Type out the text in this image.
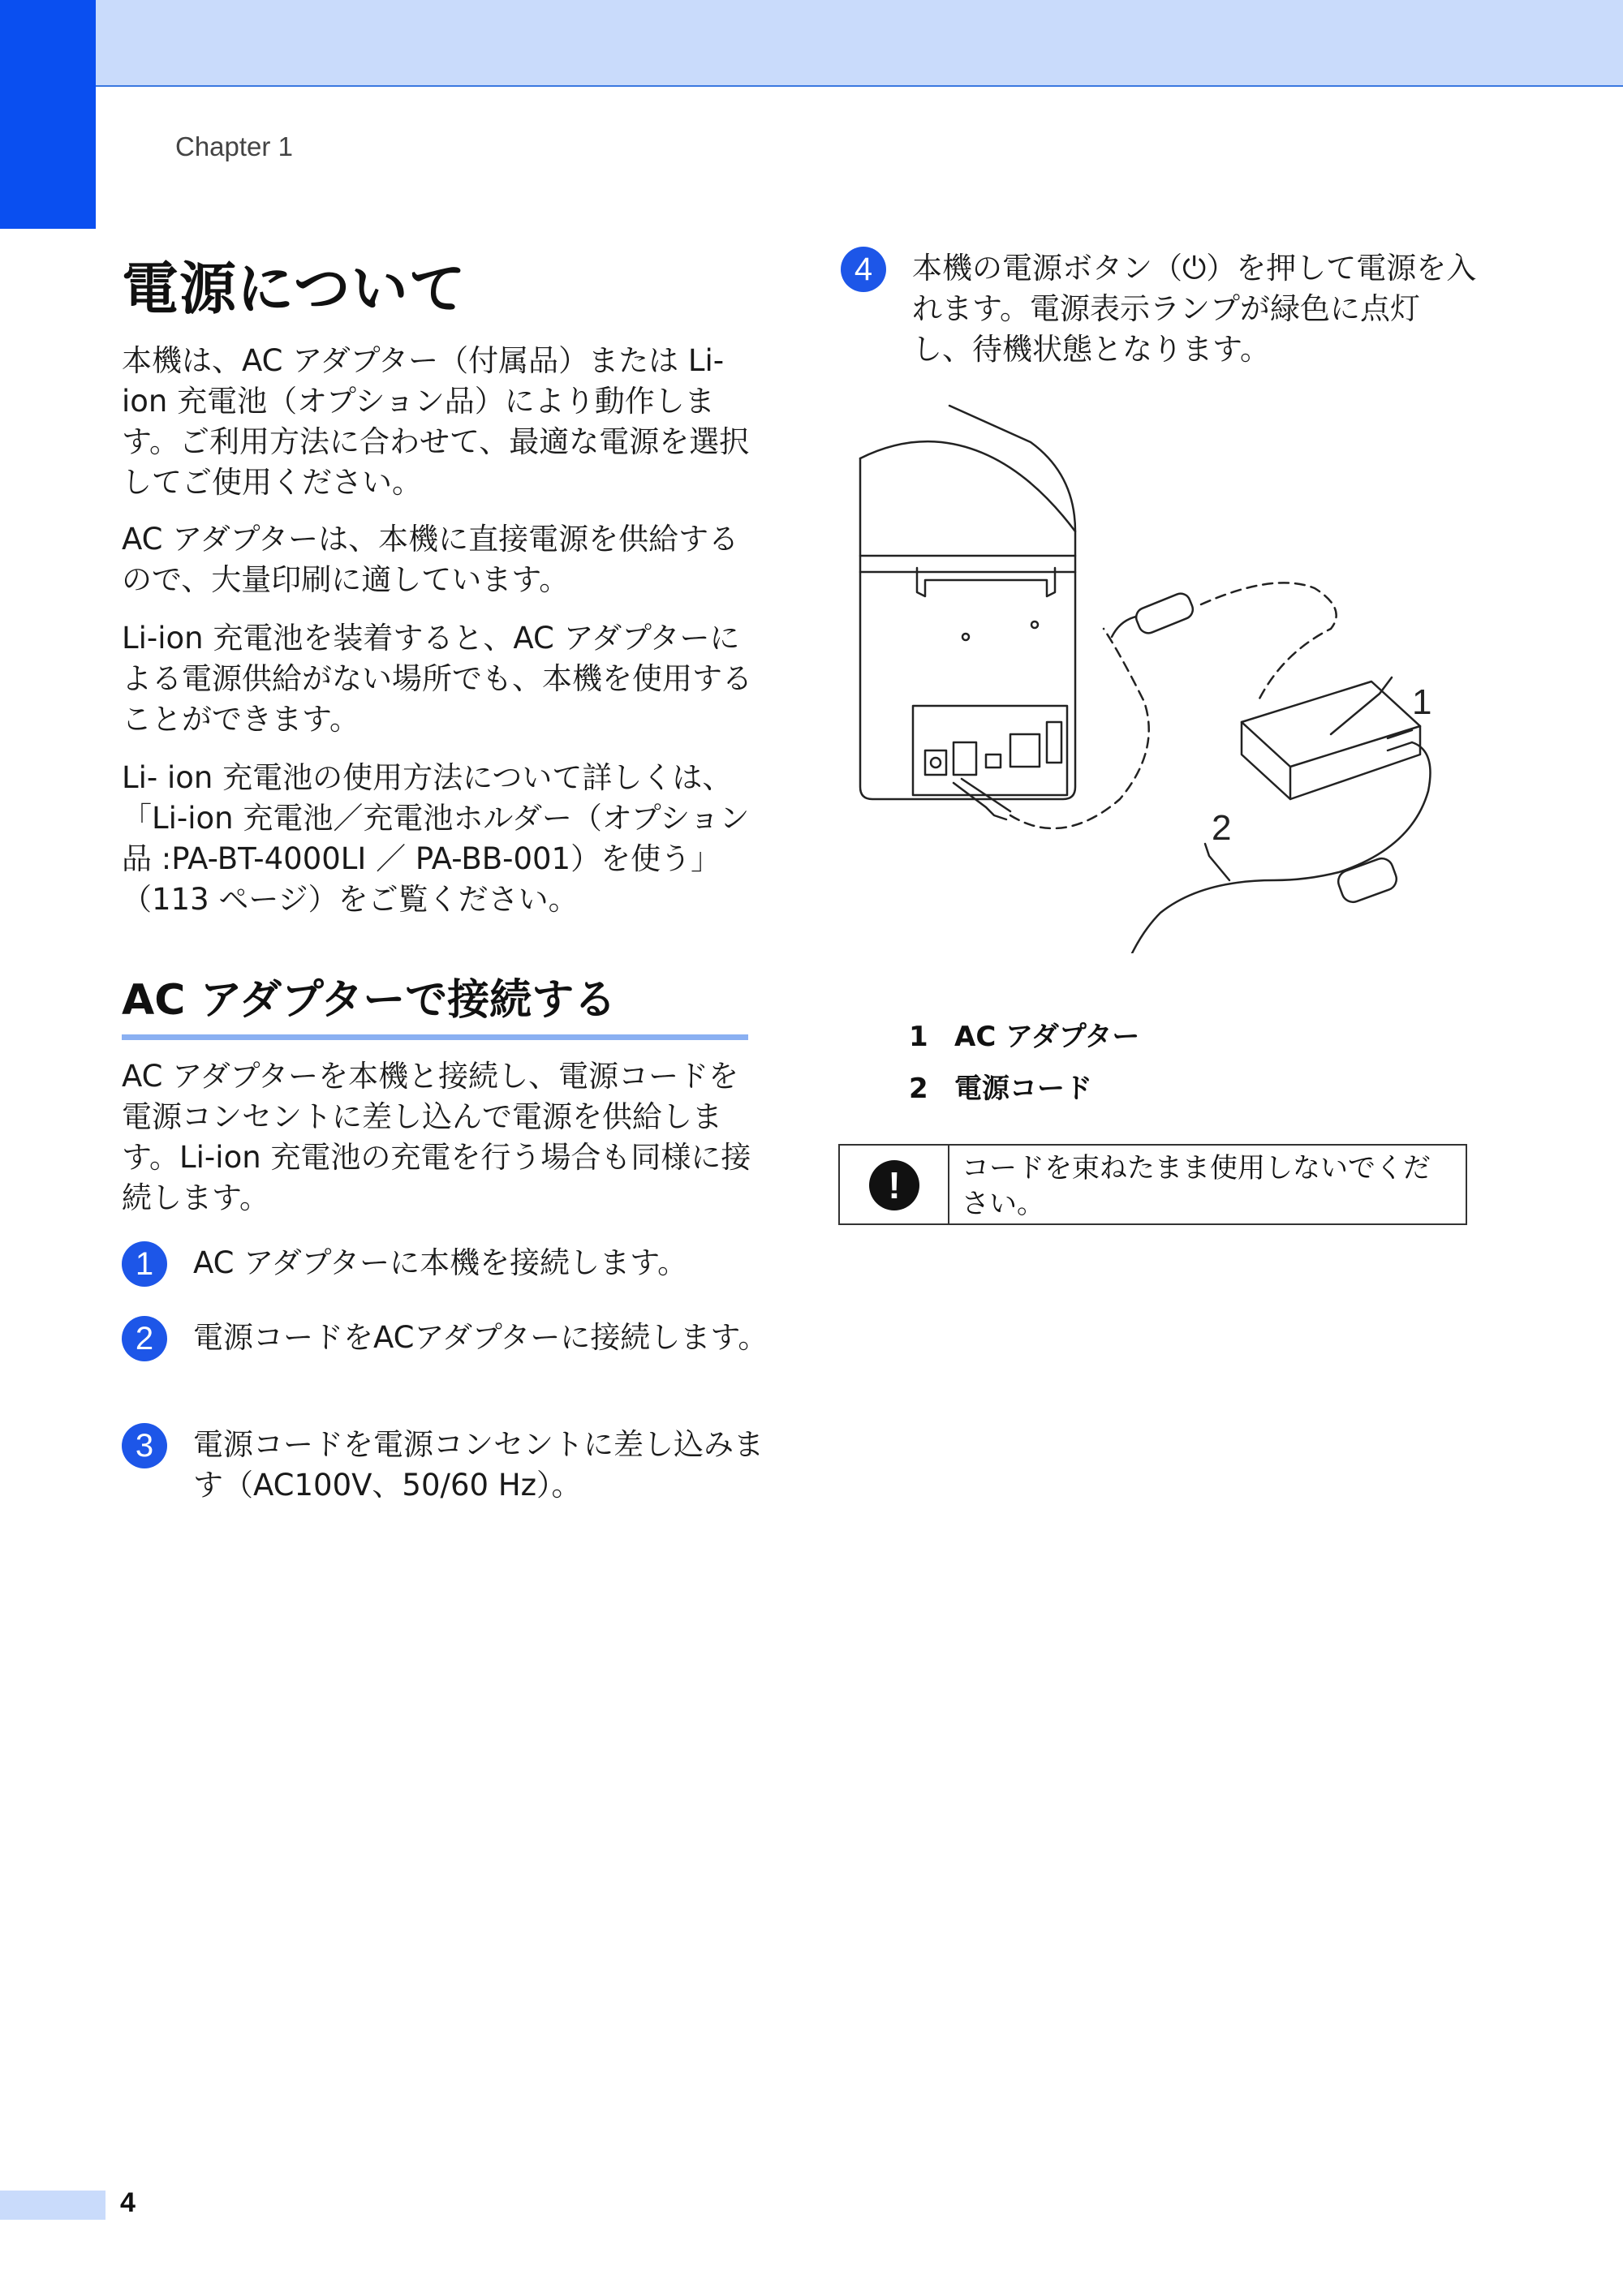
Chapter 1
電源について
本機は、AC アダプター（付属品）または Li-ion 充電池（オプション品）により動作します。ご利用方法に合わせて、最適な電源を選択してご使用ください。
AC アダプターは、本機に直接電源を供給するので、大量印刷に適しています。
Li-ion 充電池を装着すると、AC アダプターによる電源供給がない場所でも、本機を使用することができます。
Li- ion 充電池の使用方法について詳しくは、「Li-ion 充電池／充電池ホルダー（オプション品 :PA-BT-4000LI ／ PA-BB-001）を使う」（113 ページ）をご覧ください。
AC アダプターで接続する
AC アダプターを本機と接続し、電源コードを電源コンセントに差し込んで電源を供給します。Li-ion 充電池の充電を行う場合も同様に接続します。
1	AC アダプターに本機を接続します。
2	電源コードをACアダプターに接続します。
3	電源コードを電源コンセントに差し込みます（AC100V、50/60 Hz）。
4	本機の電源ボタン（⏻）を押して電源を入れます。電源表示ランプが緑色に点灯し、待機状態となります。
1
2
1 AC アダプター
2 電源コード
!	コードを束ねたまま使用しないでください。
4
